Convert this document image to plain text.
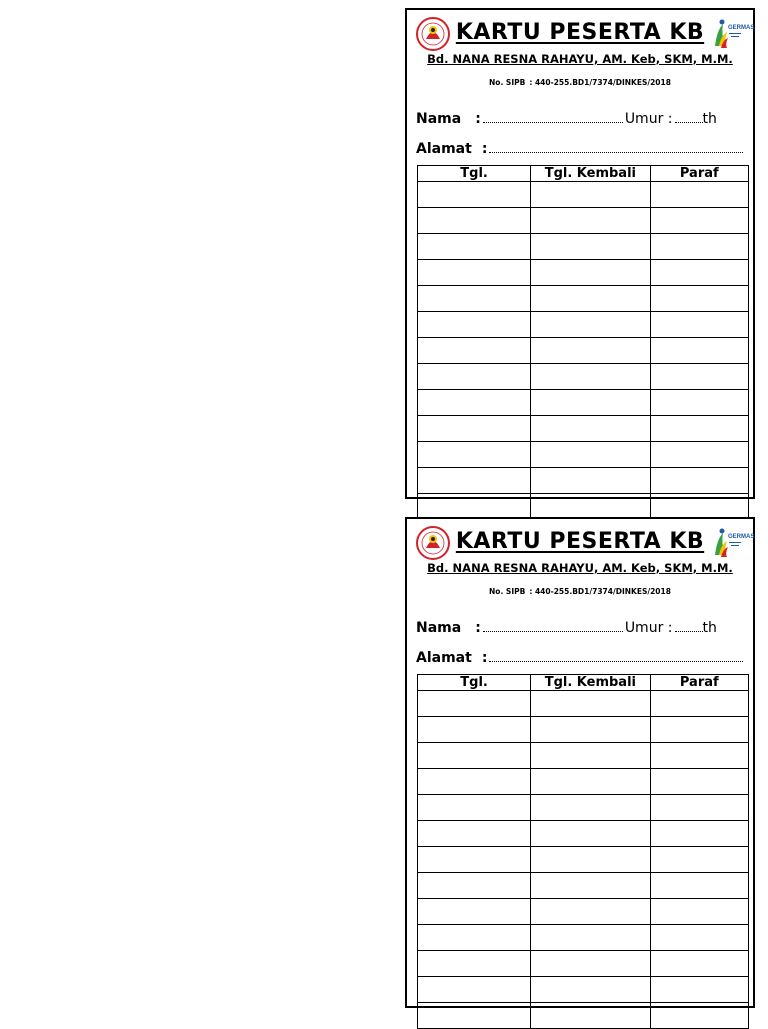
KARTU PESERTA KB	GERMAS
Bd. NANA RESNA RAHAYU, AM. Keb, SKM, M.M.
No. SIPB : 440-255.BD1/7374/DINKES/2018
Nama :	Umur : th
Alamat :
Tgl.	Tgl. Kembali	Paraf

KARTU PESERTA KB	GERMAS
Bd. NANA RESNA RAHAYU, AM. Keb, SKM, M.M.
No. SIPB : 440-255.BD1/7374/DINKES/2018
Nama :	Umur : th
Alamat :
Tgl.	Tgl. Kembali	Paraf
